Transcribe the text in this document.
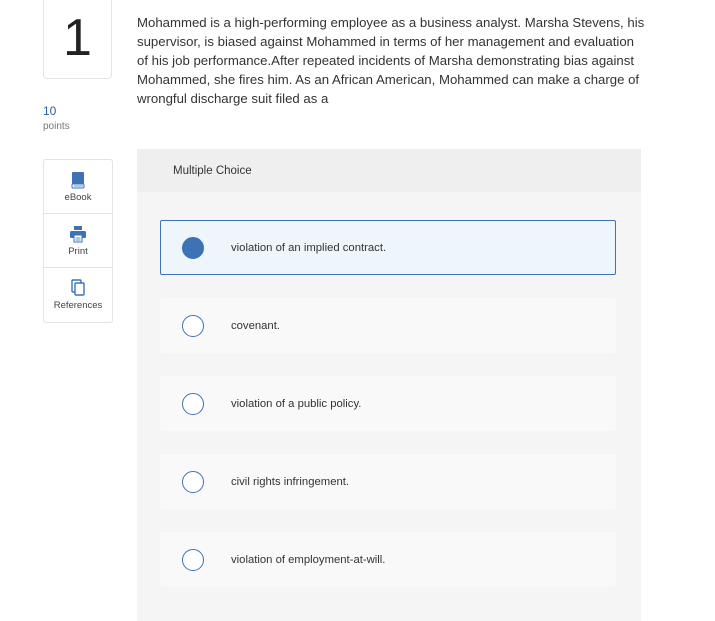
1
10
points
eBook
Print
References

Mohammed is a high-performing employee as a business analyst. Marsha Stevens, his supervisor, is biased against Mohammed in terms of her management and evaluation of his job performance.After repeated incidents of Marsha demonstrating bias against Mohammed, she fires him. As an African American, Mohammed can make a charge of wrongful discharge suit filed as a

Multiple Choice
violation of an implied contract.
covenant.
violation of a public policy.
civil rights infringement.
violation of employment-at-will.
